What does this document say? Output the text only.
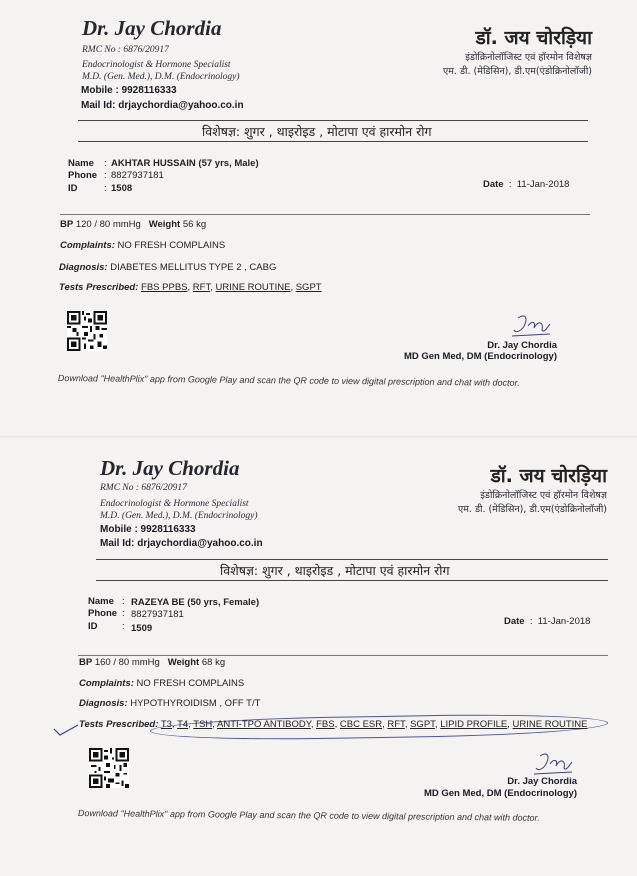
Dr. Jay Chordia
RMC No : 6876/20917
Endocrinologist & Hormone Specialist
M.D. (Gen. Med.), D.M. (Endocrinology)
Mobile : 9928116333
Mail Id: drjaychordia@yahoo.co.in
डॉ. जय चोरड़िया
इंडोक्रिनोलॉजिस्ट एवं हॉरमोन विशेषज्ञ
एम. डी. (मेडिसिन), डी.एम(एंडोक्रिनोलॉजी)
विशेषज्ञ: शुगर , थाइरोइड , मोटापा एवं हारमोन रोग
Name : AKHTAR HUSSAIN (57 yrs, Male)
Phone : 8827937181
ID	: 1508	Date  :  11-Jan-2018
BP 120 / 80 mmHg Weight 56 kg
Complaints: NO FRESH COMPLAINS
Diagnosis: DIABETES MELLITUS TYPE 2 , CABG
Tests Prescribed: FBS PPBS, RFT, URINE ROUTINE, SGPT
Dr. Jay Chordia
MD Gen Med, DM (Endocrinology)
Download "HealthPlix" app from Google Play and scan the QR code to view digital prescription and chat with doctor.
Dr. Jay Chordia
RMC No : 6876/20917
Endocrinologist & Hormone Specialist
M.D. (Gen. Med.), D.M. (Endocrinology)
Mobile : 9928116333
Mail Id: drjaychordia@yahoo.co.in
डॉ. जय चोरड़िया
इंडोक्रिनोलॉजिस्ट एवं हॉरमोन विशेषज्ञ
एम. डी. (मेडिसिन), डी.एम(एंडोक्रिनोलॉजी)
विशेषज्ञ: शुगर , थाइरोइड , मोटापा एवं हारमोन रोग
Name : RAZEYA BE (50 yrs, Female)
Phone : 8827937181
ID	: 1509
Date  :  11-Jan-2018
BP 160 / 80 mmHg Weight 68 kg
Complaints: NO FRESH COMPLAINS
Diagnosis: HYPOTHYROIDISM , OFF T/T
Tests Prescribed: T3, T4, TSH, ANTI-TPO ANTIBODY, FBS, CBC ESR, RFT, SGPT, LIPID PROFILE, URINE ROUTINE
Dr. Jay Chordia
MD Gen Med, DM (Endocrinology)
Download "HealthPlix" app from Google Play and scan the QR code to view digital prescription and chat with doctor.
